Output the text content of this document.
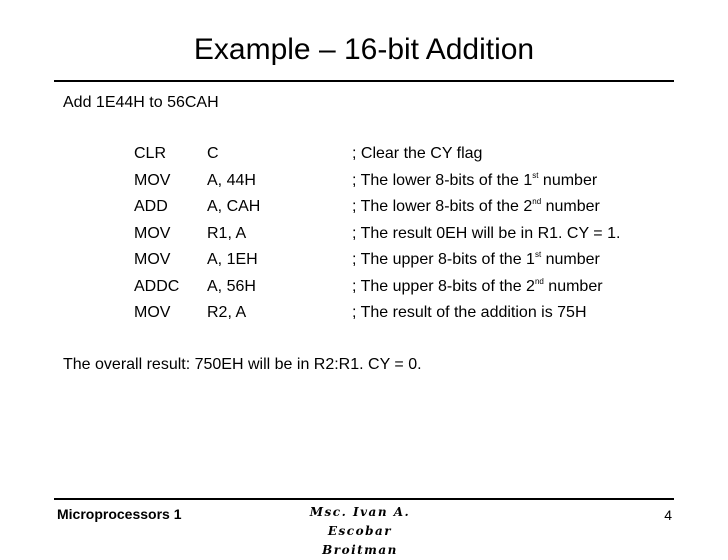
Example – 16-bit Addition
Add 1E44H to 56CAH
CLR	C	; Clear the CY flag
MOV	A, 44H	; The lower 8-bits of the 1st number
ADD	A, CAH	; The lower 8-bits of the 2nd number
MOV	R1, A	; The result 0EH will be in R1. CY = 1.
MOV	A, 1EH	; The upper 8-bits of the 1st number
ADDC	A, 56H	; The upper 8-bits of the 2nd number
MOV	R2, A	; The result of the addition is 75H
The overall result: 750EH will be in R2:R1. CY = 0.
Microprocessors 1	Msc. Ivan A. Escobar
Broitman
4
